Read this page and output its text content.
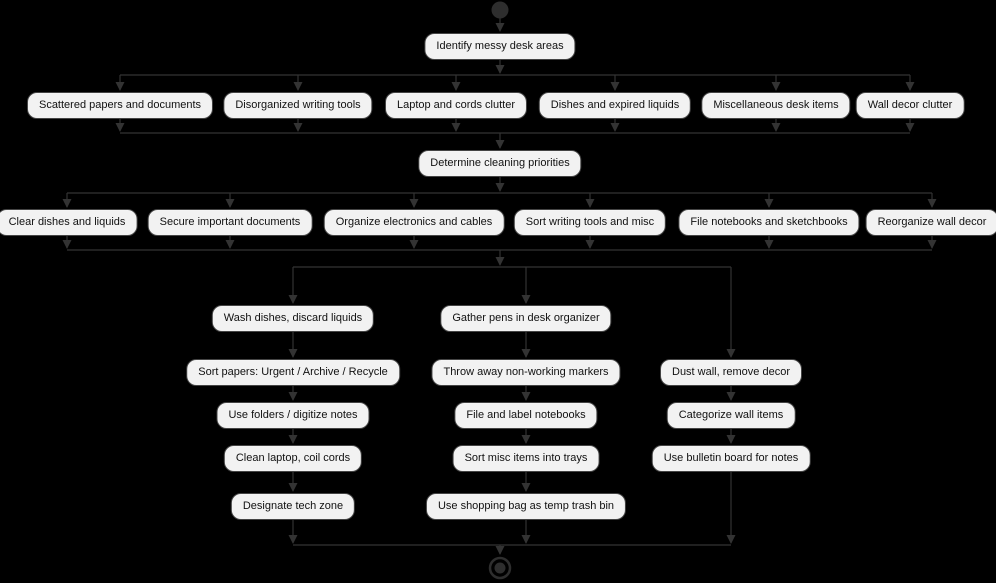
Identify messy desk areas
Scattered papers and documents	Disorganized writing tools	Laptop and cords clutter	Dishes and expired liquids	Miscellaneous desk items	Wall decor clutter
Determine cleaning priorities
Clear dishes and liquids	Secure important documents	Organize electronics and cables	Sort writing tools and misc	File notebooks and sketchbooks	Reorganize wall decor
Wash dishes, discard liquids
Sort papers: Urgent / Archive / Recycle
Use folders / digitize notes
Clean laptop, coil cords
Designate tech zone
Gather pens in desk organizer
Throw away non-working markers
File and label notebooks
Sort misc items into trays
Use shopping bag as temp trash bin
Dust wall, remove decor
Categorize wall items
Use bulletin board for notes
